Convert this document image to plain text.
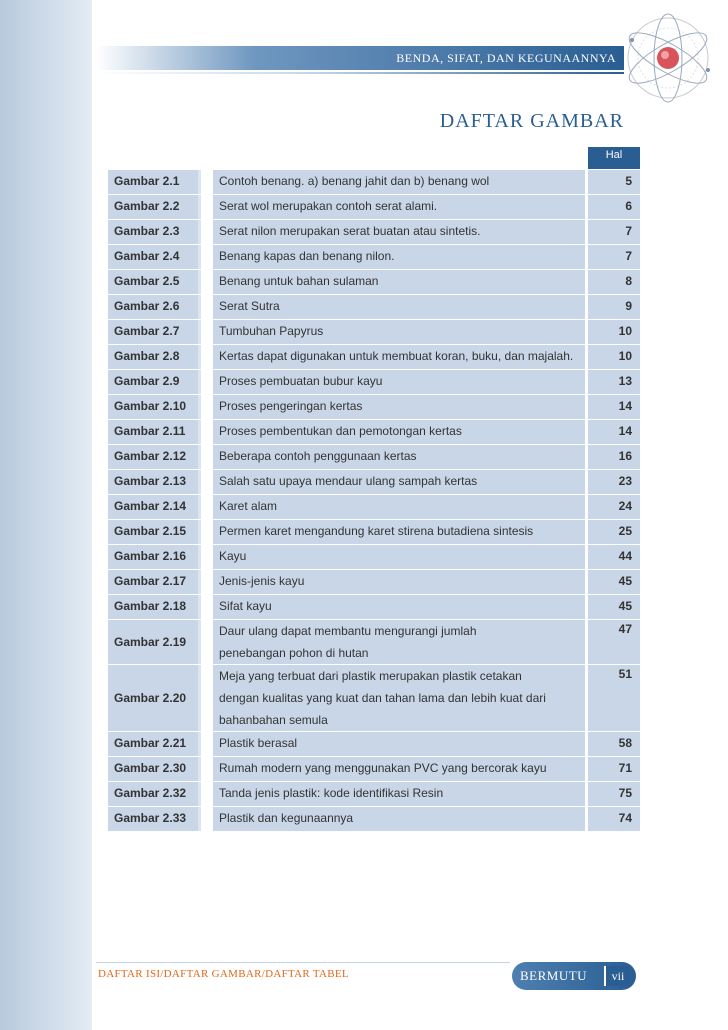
BENDA, SIFAT, DAN KEGUNAANNYA
DAFTAR GAMBAR
			Hal
Gambar 2.1		Contoh benang. a) benang jahit dan b) benang wol	5
Gambar 2.2		Serat wol merupakan contoh serat alami.	6
Gambar 2.3		Serat nilon merupakan serat buatan atau sintetis.	7
Gambar 2.4		Benang kapas dan benang nilon.	7
Gambar 2.5		Benang untuk bahan sulaman	8
Gambar 2.6		Serat Sutra	9
Gambar 2.7		Tumbuhan Papyrus	10
Gambar 2.8		Kertas dapat digunakan untuk membuat koran, buku, dan majalah.	10
Gambar 2.9		Proses pembuatan bubur kayu	13
Gambar 2.10		Proses pengeringan kertas	14
Gambar 2.11		Proses pembentukan dan pemotongan kertas	14
Gambar 2.12		Beberapa contoh penggunaan kertas	16
Gambar 2.13		Salah satu upaya mendaur ulang sampah kertas	23
Gambar 2.14		Karet alam	24
Gambar 2.15		Permen karet mengandung karet stirena butadiena sintesis	25
Gambar 2.16		Kayu	44
Gambar 2.17		Jenis-jenis kayu	45
Gambar 2.18		Sifat kayu	45
Gambar 2.19		Daur ulang dapat membantu mengurangi jumlah penebangan pohon di hutan	47
Gambar 2.20		Meja yang terbuat dari plastik merupakan plastik cetakan dengan kualitas yang kuat dan tahan lama dan lebih kuat dari bahanbahan semula	51
Gambar 2.21		Plastik berasal	58
Gambar 2.30		Rumah modern yang menggunakan PVC yang bercorak kayu	71
Gambar 2.32		Tanda jenis plastik: kode identifikasi Resin	75
Gambar 2.33		Plastik dan kegunaannya	74
DAFTAR ISI/DAFTAR GAMBAR/DAFTAR TABEL	BERMUTU	vii
